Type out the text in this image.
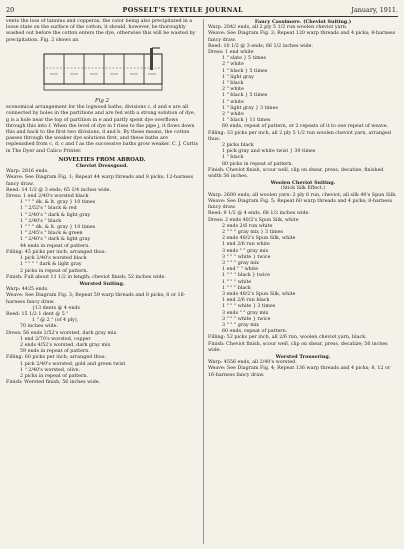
20	POSSELT'S TEXTILE JOURNAL	January, 1911.

vents the loss of tannins and copperas, the color being also precipitated in a loose state on the surface of the cotton; it should, however, be thoroughly washed out before the cotton enters the dye, otherwise this will be wasted by precipitation. Fig. 2 shows an

Fig 2

economical arrangement for the logwood baths; divisions c, d and e are all connected by holes in the partitions and are fed with a strong solution of dye, g is a hole near the top of partition in e and partly spent dye overflows through this into f. When the level of dye in f rises to the pipe j, it flows down this and back to the first two divisions, d and b. By these means, the cotton passes through the weaker dye solutions first, and these baths are replenished from c, d, c and f as the successive baths grow weaker. C. J. Curtis in The Dyer and Calico Printer.

NOVELTIES FROM ABROAD.
Cheviot Dressgood.

Warp: 2816 ends.

Weave: See Diagram Fig. 1; Repeat 44 warp threads and 8 picks; 12-harness fancy draw.

Reed: 14 1/2 @ 3 ends; 65 1/4 inches wide.

Dress: 1 end 2/40's worsted black

1 " " " dk. & lt. gray } 10 times

1 " 2/52's " black & red

1 " 2/40's " dark & light gray

1 " 2/40's " black

1 " " " dk. & lt. gray } 10 times

1 " 2/45's " black & green

1 " 2/40's " dark & light gray

44 ends in repeat of pattern.

Filling: 45 picks per inch; arranged thus:

1 pick 2/40's worsted black

1 " " " " dark & light gray

2 picks in repeat of pattern.

Finish: Full about 11 1/2 in length; cheviot finish; 52 inches wide.

Worsted Suiting.

Warp: 4425 ends.

Weave: See Diagram Fig. 3; Repeat 59 warp threads and 8 picks; 8 or 16-harness fancy draw.

{13 dents @ 4 ends

Reed: 15 1/2 1 dent @ 5 "

1 " @ 2 " (of 4 ply),

70 inches wide.

Dress: 56 ends 2/52's worsted, dark gray mix

1 end 2/70's worsted, copper

2 ends 4/52's worsted, dark gray mix

59 ends in repeat of pattern.

Filling: 60 picks per inch; arranged thus:

1 pick 2/40's worsted, gold and green twist

1 " 2/40's worsted, olive.

2 picks in repeat of pattern.

Finish: Worsted finish, 56 inches wide.

Fancy Cassimere. (Cheviot Suiting.)

Warp: 2042 ends, all 2 ply 5 1/2 run woolen cheviot yarn.

Weave: See Diagram Fig. 2; Repeat 120 warp threads and 4 picks; 8-harness fancy draw.

Reed: 10 1/2 @ 3 ends; 66 1/2 inches wide.

Dress: 1 end white

1 " slate } 5 times

2 " white

1 " black } 5 times

1 " light gray

1 " black

2 " white

1 " black } 5 times

1 " white

1 " light gray } 3 times

2 " white

1 " black } 11 times

60 ends, repeat of pattern, or 2 repeats of it to one repeat of weave.

Filling: 33 picks per inch, all 2 ply 5 1/2 run woolen cheviot yarn, arranged thus:

2 picks black

1 pick gray and white twist } 39 times

1 " black

80 picks in repeat of pattern.

Finish: Cheviot finish, scour well, clip on shear, press, decatize, finished width 56 inches.

Woolen Cheviot Suiting.
(Stick Silk Effect.)

Warp: 2600 ends; all woolen yarn: 2 ply 6 run, cheviot; all silk 40's Spun Silk.

Weave: See Diagram Fig. 5; Repeat 60 warp threads and 4 picks; 8-harness fancy draw.

Reed: 9 1/2 @ 4 ends, 68 1/2 inches wide.

Dress: 2 ends 40/2's Spun Silk, white

2 ends 2/6 run white

2 " " " gray mix } 3 times

2 ends 40/2's Spun Silk, white

1 end 2/6 run white

3 ends " " gray mix

3 " " " white } twice

3 " " " gray mix

1 end " " white

1 " " " black } twice

1 " " " white

1 " " " black

3 ends 40/2's Spun Silk, white

1 end 2/6 run black

1 " " " white } 3 times

3 ends " " gray mix

3 " " " white } twice

3 " " " gray mix

60 ends, repeat of pattern.

Filling: 52 picks per inch, all 2/6 run, woolen cheviot yarn, black.

Finish: Cheviot finish, scour well, clip on shear, press, decatize; 56 inches wide.

Worsted Trousering.

Warp: 4556 ends, all 2/40's worsted.

Weave: See Diagram Fig. 4; Repeat 136 warp threads and 4 picks; 8, 12 or 16-harness fancy draw.
